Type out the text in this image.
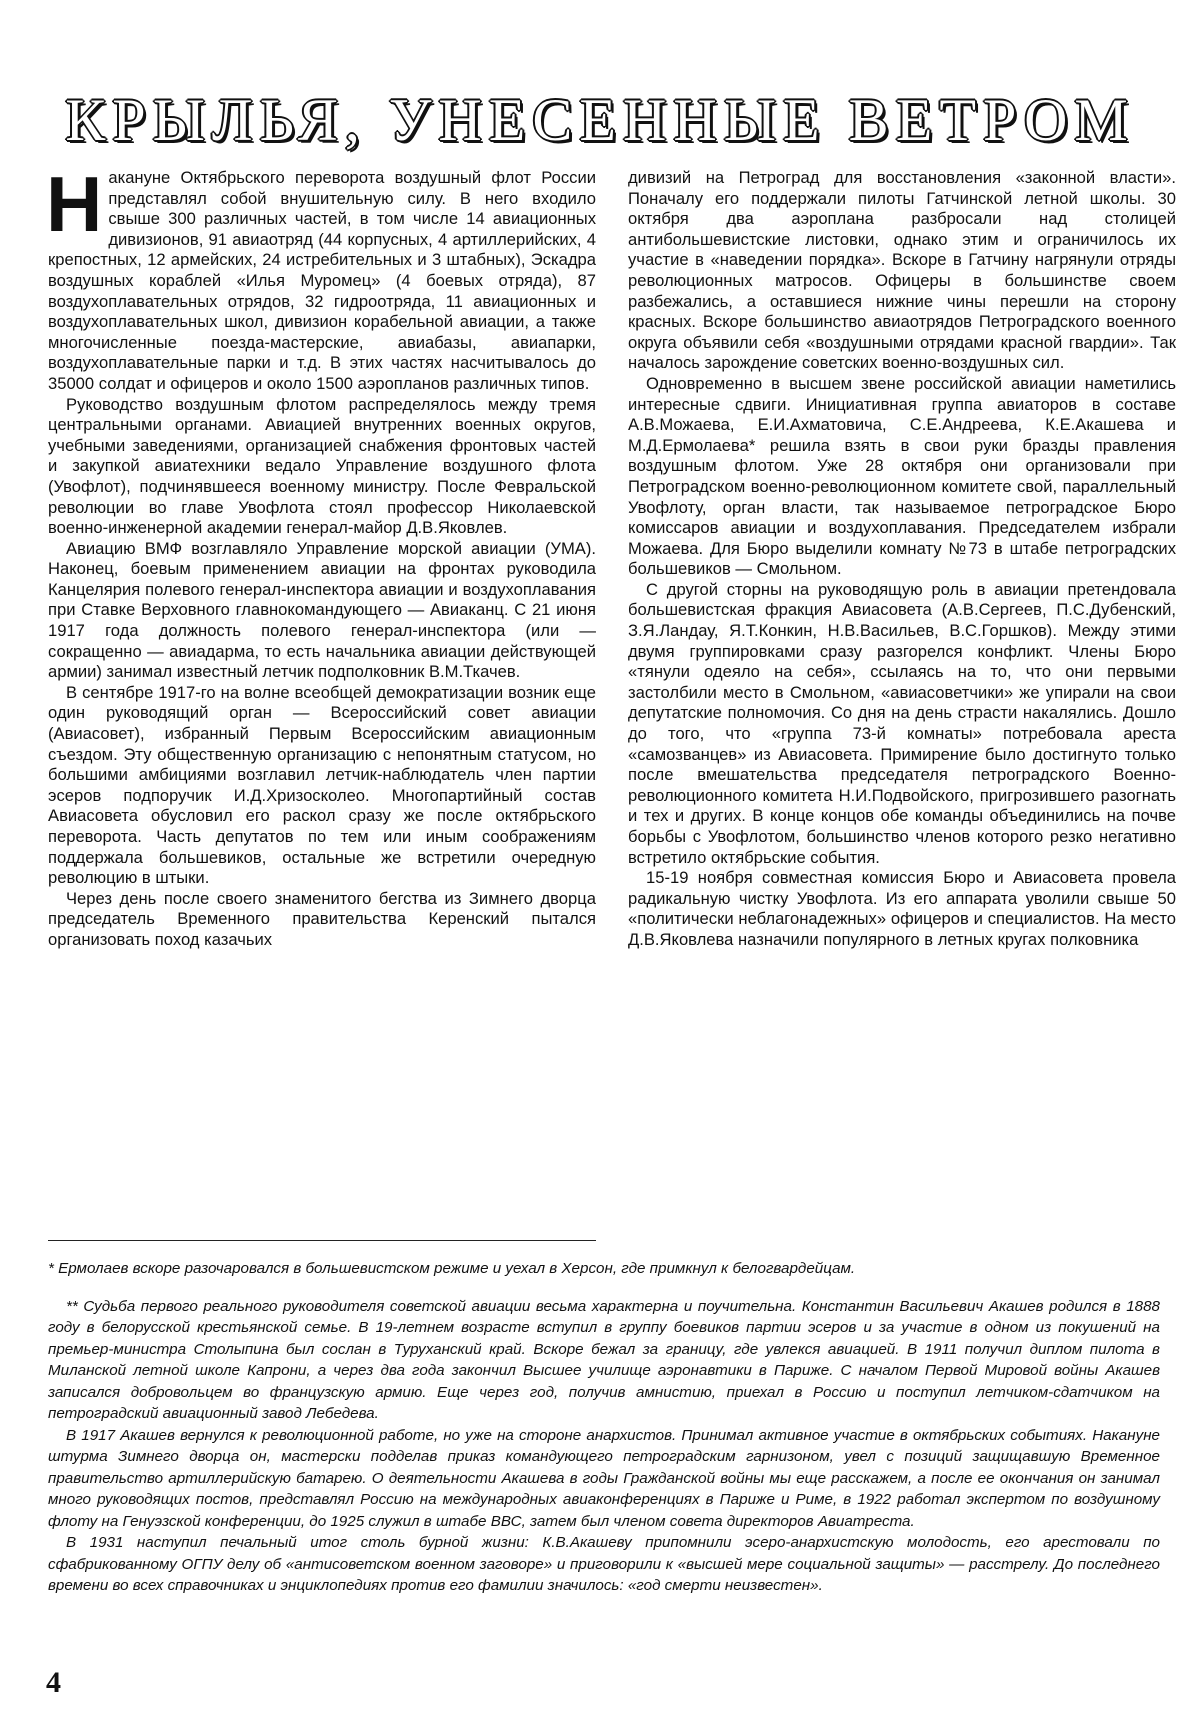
КРЫЛЬЯ, УНЕСЕННЫЕ ВЕТРОМ

Накануне Октябрьского переворота воздушный флот России представлял собой внушительную силу. В него входило свыше 300 различных частей, в том числе 14 авиационных дивизионов, 91 авиаотряд (44 корпусных, 4 артиллерийских, 4 крепостных, 12 армейских, 24 истребительных и 3 штабных), Эскадра воздушных кораблей «Илья Муромец» (4 боевых отряда), 87 воздухоплавательных отрядов, 32 гидроотряда, 11 авиационных и воздухоплавательных школ, дивизион корабельной авиации, а также многочисленные поезда-мастерские, авиабазы, авиапарки, воздухоплавательные парки и т.д. В этих частях насчитывалось до 35000 солдат и офицеров и около 1500 аэропланов различных типов.

Руководство воздушным флотом распределялось между тремя центральными органами. Авиацией внутренних военных округов, учебными заведениями, организацией снабжения фронтовых частей и закупкой авиатехники ведало Управление воздушного флота (Увофлот), подчинявшееся военному министру. После Февральской революции во главе Увофлота стоял профессор Николаевской военно-инженерной академии генерал-майор Д.В.Яковлев.

Авиацию ВМФ возглавляло Управление морской авиации (УМА). Наконец, боевым применением авиации на фронтах руководила Канцелярия полевого генерал-инспектора авиации и воздухоплавания при Ставке Верховного главнокомандующего — Авиаканц. С 21 июня 1917 года должность полевого генерал-инспектора (или — сокращенно — авиадарма, то есть начальника авиации действующей армии) занимал известный летчик подполковник В.М.Ткачев.

В сентябре 1917-го на волне всеобщей демократизации возник еще один руководящий орган — Всероссийский совет авиации (Авиасовет), избранный Первым Всероссийским авиационным съездом. Эту общественную организацию с непонятным статусом, но большими амбициями возглавил летчик-наблюдатель член партии эсеров подпоручик И.Д.Хризосколео. Многопартийный состав Авиасовета обусловил его раскол сразу же после октябрьского переворота. Часть депутатов по тем или иным соображениям поддержала большевиков, остальные же встретили очередную революцию в штыки.

Через день после своего знаменитого бегства из Зимнего дворца председатель Временного правительства Керенский пытался организовать поход казачьих

дивизий на Петроград для восстановления «законной власти». Поначалу его поддержали пилоты Гатчинской летной школы. 30 октября два аэроплана разбросали над столицей антибольшевистские листовки, однако этим и ограничилось их участие в «наведении порядка». Вскоре в Гатчину нагрянули отряды революционных матросов. Офицеры в большинстве своем разбежались, а оставшиеся нижние чины перешли на сторону красных. Вскоре большинство авиаотрядов Петроградского военного округа объявили себя «воздушными отрядами красной гвардии». Так началось зарождение советских военно-воздушных сил.

Одновременно в высшем звене российской авиации наметились интересные сдвиги. Инициативная группа авиаторов в составе А.В.Можаева, Е.И.Ахматовича, С.Е.Андреева, К.Е.Акашева и М.Д.Ермолаева* решила взять в свои руки бразды правления воздушным флотом. Уже 28 октября они организовали при Петроградском военно-революционном комитете свой, параллельный Увофлоту, орган власти, так называемое петроградское Бюро комиссаров авиации и воздухоплавания. Председателем избрали Можаева. Для Бюро выделили комнату №73 в штабе петроградских большевиков — Смольном.

С другой сторны на руководящую роль в авиации претендовала большевистская фракция Авиасовета (А.В.Сергеев, П.С.Дубенский, З.Я.Ландау, Я.Т.Конкин, Н.В.Васильев, В.С.Горшков). Между этими двумя группировками сразу разгорелся конфликт. Члены Бюро «тянули одеяло на себя», ссылаясь на то, что они первыми застолбили место в Смольном, «авиасоветчики» же упирали на свои депутатские полномочия. Со дня на день страсти накалялись. Дошло до того, что «группа 73-й комнаты» потребовала ареста «самозванцев» из Авиасовета. Примирение было достигнуто только после вмешательства председателя петроградского Военно-революционного комитета Н.И.Подвойского, пригрозившего разогнать и тех и других. В конце концов обе команды объединились на почве борьбы с Увофлотом, большинство членов которого резко негативно встретило октябрьские события.

15-19 ноября совместная комиссия Бюро и Авиасовета провела радикальную чистку Увофлота. Из его аппарата уволили свыше 50 «политически неблагонадежных» офицеров и специалистов. На место Д.В.Яковлева назначили популярного в летных кругах полковника

* Ермолаев вскоре разочаровался в большевистском режиме и уехал в Херсон, где примкнул к белогвардейцам.

** Судьба первого реального руководителя советской авиации весьма характерна и поучительна. Константин Васильевич Акашев родился в 1888 году в белорусской крестьянской семье. В 19-летнем возрасте вступил в группу боевиков партии эсеров и за участие в одном из покушений на премьер-министра Столыпина был сослан в Туруханский край. Вскоре бежал за границу, где увлекся авиацией. В 1911 получил диплом пилота в Миланской летной школе Капрони, а через два года закончил Высшее училище аэронавтики в Париже. С началом Первой Мировой войны Акашев записался добровольцем во французскую армию. Еще через год, получив амнистию, приехал в Россию и поступил летчиком-сдатчиком на петроградский авиационный завод Лебедева.

В 1917 Акашев вернулся к революционной работе, но уже на стороне анархистов. Принимал активное участие в октябрьских событиях. Накануне штурма Зимнего дворца он, мастерски подделав приказ командующего петроградским гарнизоном, увел с позиций защищавшую Временное правительство артиллерийскую батарею. О деятельности Акашева в годы Гражданской войны мы еще расскажем, а после ее окончания он занимал много руководящих постов, представлял Россию на международных авиаконференциях в Париже и Риме, в 1922 работал экспертом по воздушному флоту на Генуэзской конференции, до 1925 служил в штабе ВВС, затем был членом совета директоров Авиатреста.

В 1931 наступил печальный итог столь бурной жизни: К.В.Акашеву припомнили эсеро-анархистскую молодость, его арестовали по сфабрикованному ОГПУ делу об «антисоветском военном заговоре» и приговорили к «высшей мере социальной защиты» — расстрелу. До последнего времени во всех справочниках и энциклопедиях против его фамилии значилось: «год смерти неизвестен».

4
